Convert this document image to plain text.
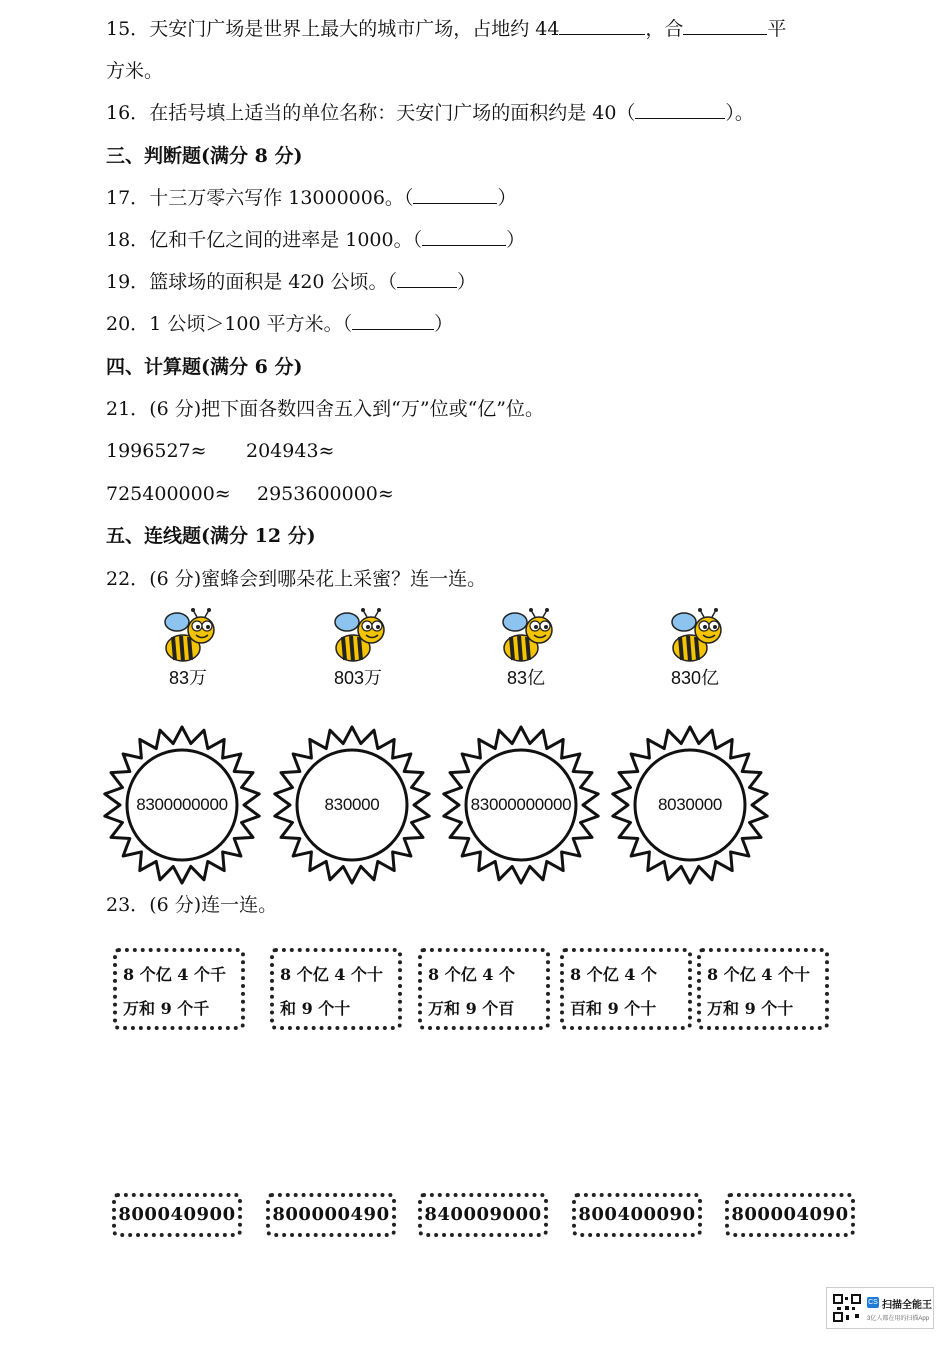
15．天安门广场是世界上最大的城市广场，占地约 44	，合	平
方米。
16．在括号填上适当的单位名称：天安门广场的面积约是 40（	）。
三、判断题(满分 8 分)
17．十三万零六写作 13000006。（	）
18．亿和千亿之间的进率是 1000。（	）
19．篮球场的面积是 420 公顷。（	）
20．1 公顷＞100 平方米。（	）
四、计算题(满分 6 分)
21．(6 分)把下面各数四舍五入到“万”位或“亿”位。
1996527≈ 204943≈
725400000≈ 2953600000≈
五、连线题(满分 12 分)
22．(6 分)蜜蜂会到哪朵花上采蜜？连一连。
83万	803万	83亿	830亿
8300000000	830000	83000000000	8030000
23．(6 分)连一连。
8 个亿 4 个千
万和 9 个千
8 个亿 4 个十
和 9 个十
8 个亿 4 个
万和 9 个百
8 个亿 4 个
百和 9 个十
8 个亿 4 个十
万和 9 个十
800040900	800000490	840009000	800400090	800004090
CS 扫描全能王
3亿人都在用的扫描App
